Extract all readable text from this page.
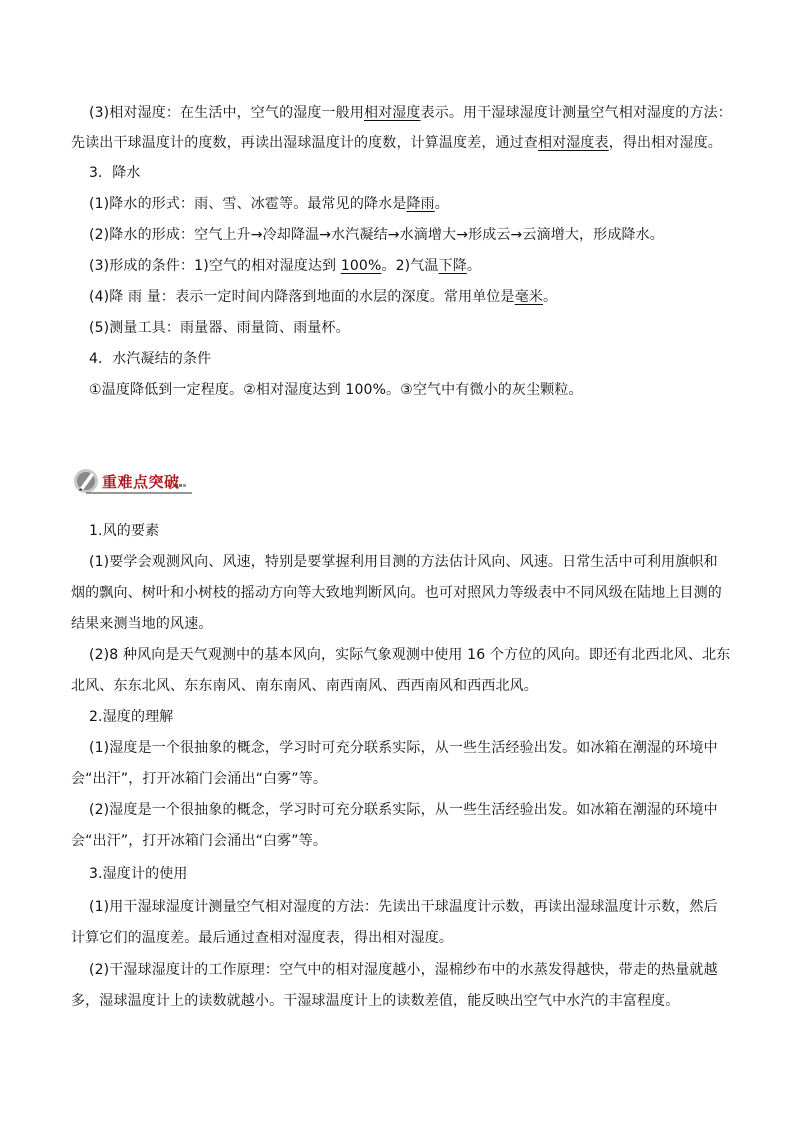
(3)相对湿度：在生活中，空气的湿度一般用相对湿度表示。用干湿球湿度计测量空气相对湿度的方法：
先读出干球温度计的度数，再读出湿球温度计的度数，计算温度差，通过查相对湿度表，得出相对湿度。
3．降水
(1)降水的形式：雨、雪、冰雹等。最常见的降水是降雨。
(2)降水的形成：空气上升→冷却降温→水汽凝结→水滴增大→形成云→云滴增大，形成降水。
(3)形成的条件：1)空气的相对湿度达到 100%。2)气温下降。
(4)降 雨 量：表示一定时间内降落到地面的水层的深度。常用单位是毫米。
(5)测量工具：雨量器、雨量筒、雨量杯。
4．水汽凝结的条件
①温度降低到一定程度。②相对湿度达到 100%。③空气中有微小的灰尘颗粒。
重难点突破
1.风的要素
(1)要学会观测风向、风速，特别是要掌握利用目测的方法估计风向、风速。日常生活中可利用旗帜和
烟的飘向、树叶和小树枝的摇动方向等大致地判断风向。也可对照风力等级表中不同风级在陆地上目测的
结果来测当地的风速。
(2)8 种风向是天气观测中的基本风向，实际气象观测中使用 16 个方位的风向。即还有北西北风、北东
北风、东东北风、东东南风、南东南风、南西南风、西西南风和西西北风。
2.湿度的理解
(1)湿度是一个很抽象的概念，学习时可充分联系实际，从一些生活经验出发。如冰箱在潮湿的环境中
会“出汗”，打开冰箱门会涌出“白雾”等。
(2)湿度是一个很抽象的概念，学习时可充分联系实际，从一些生活经验出发。如冰箱在潮湿的环境中
会“出汗”，打开冰箱门会涌出“白雾”等。
3.湿度计的使用
(1)用干湿球湿度计测量空气相对湿度的方法：先读出干球温度计示数，再读出湿球温度计示数，然后
计算它们的温度差。最后通过查相对湿度表，得出相对湿度。
(2)干湿球湿度计的工作原理：空气中的相对湿度越小，湿棉纱布中的水蒸发得越快，带走的热量就越
多，湿球温度计上的读数就越小。干湿球温度计上的读数差值，能反映出空气中水汽的丰富程度。
